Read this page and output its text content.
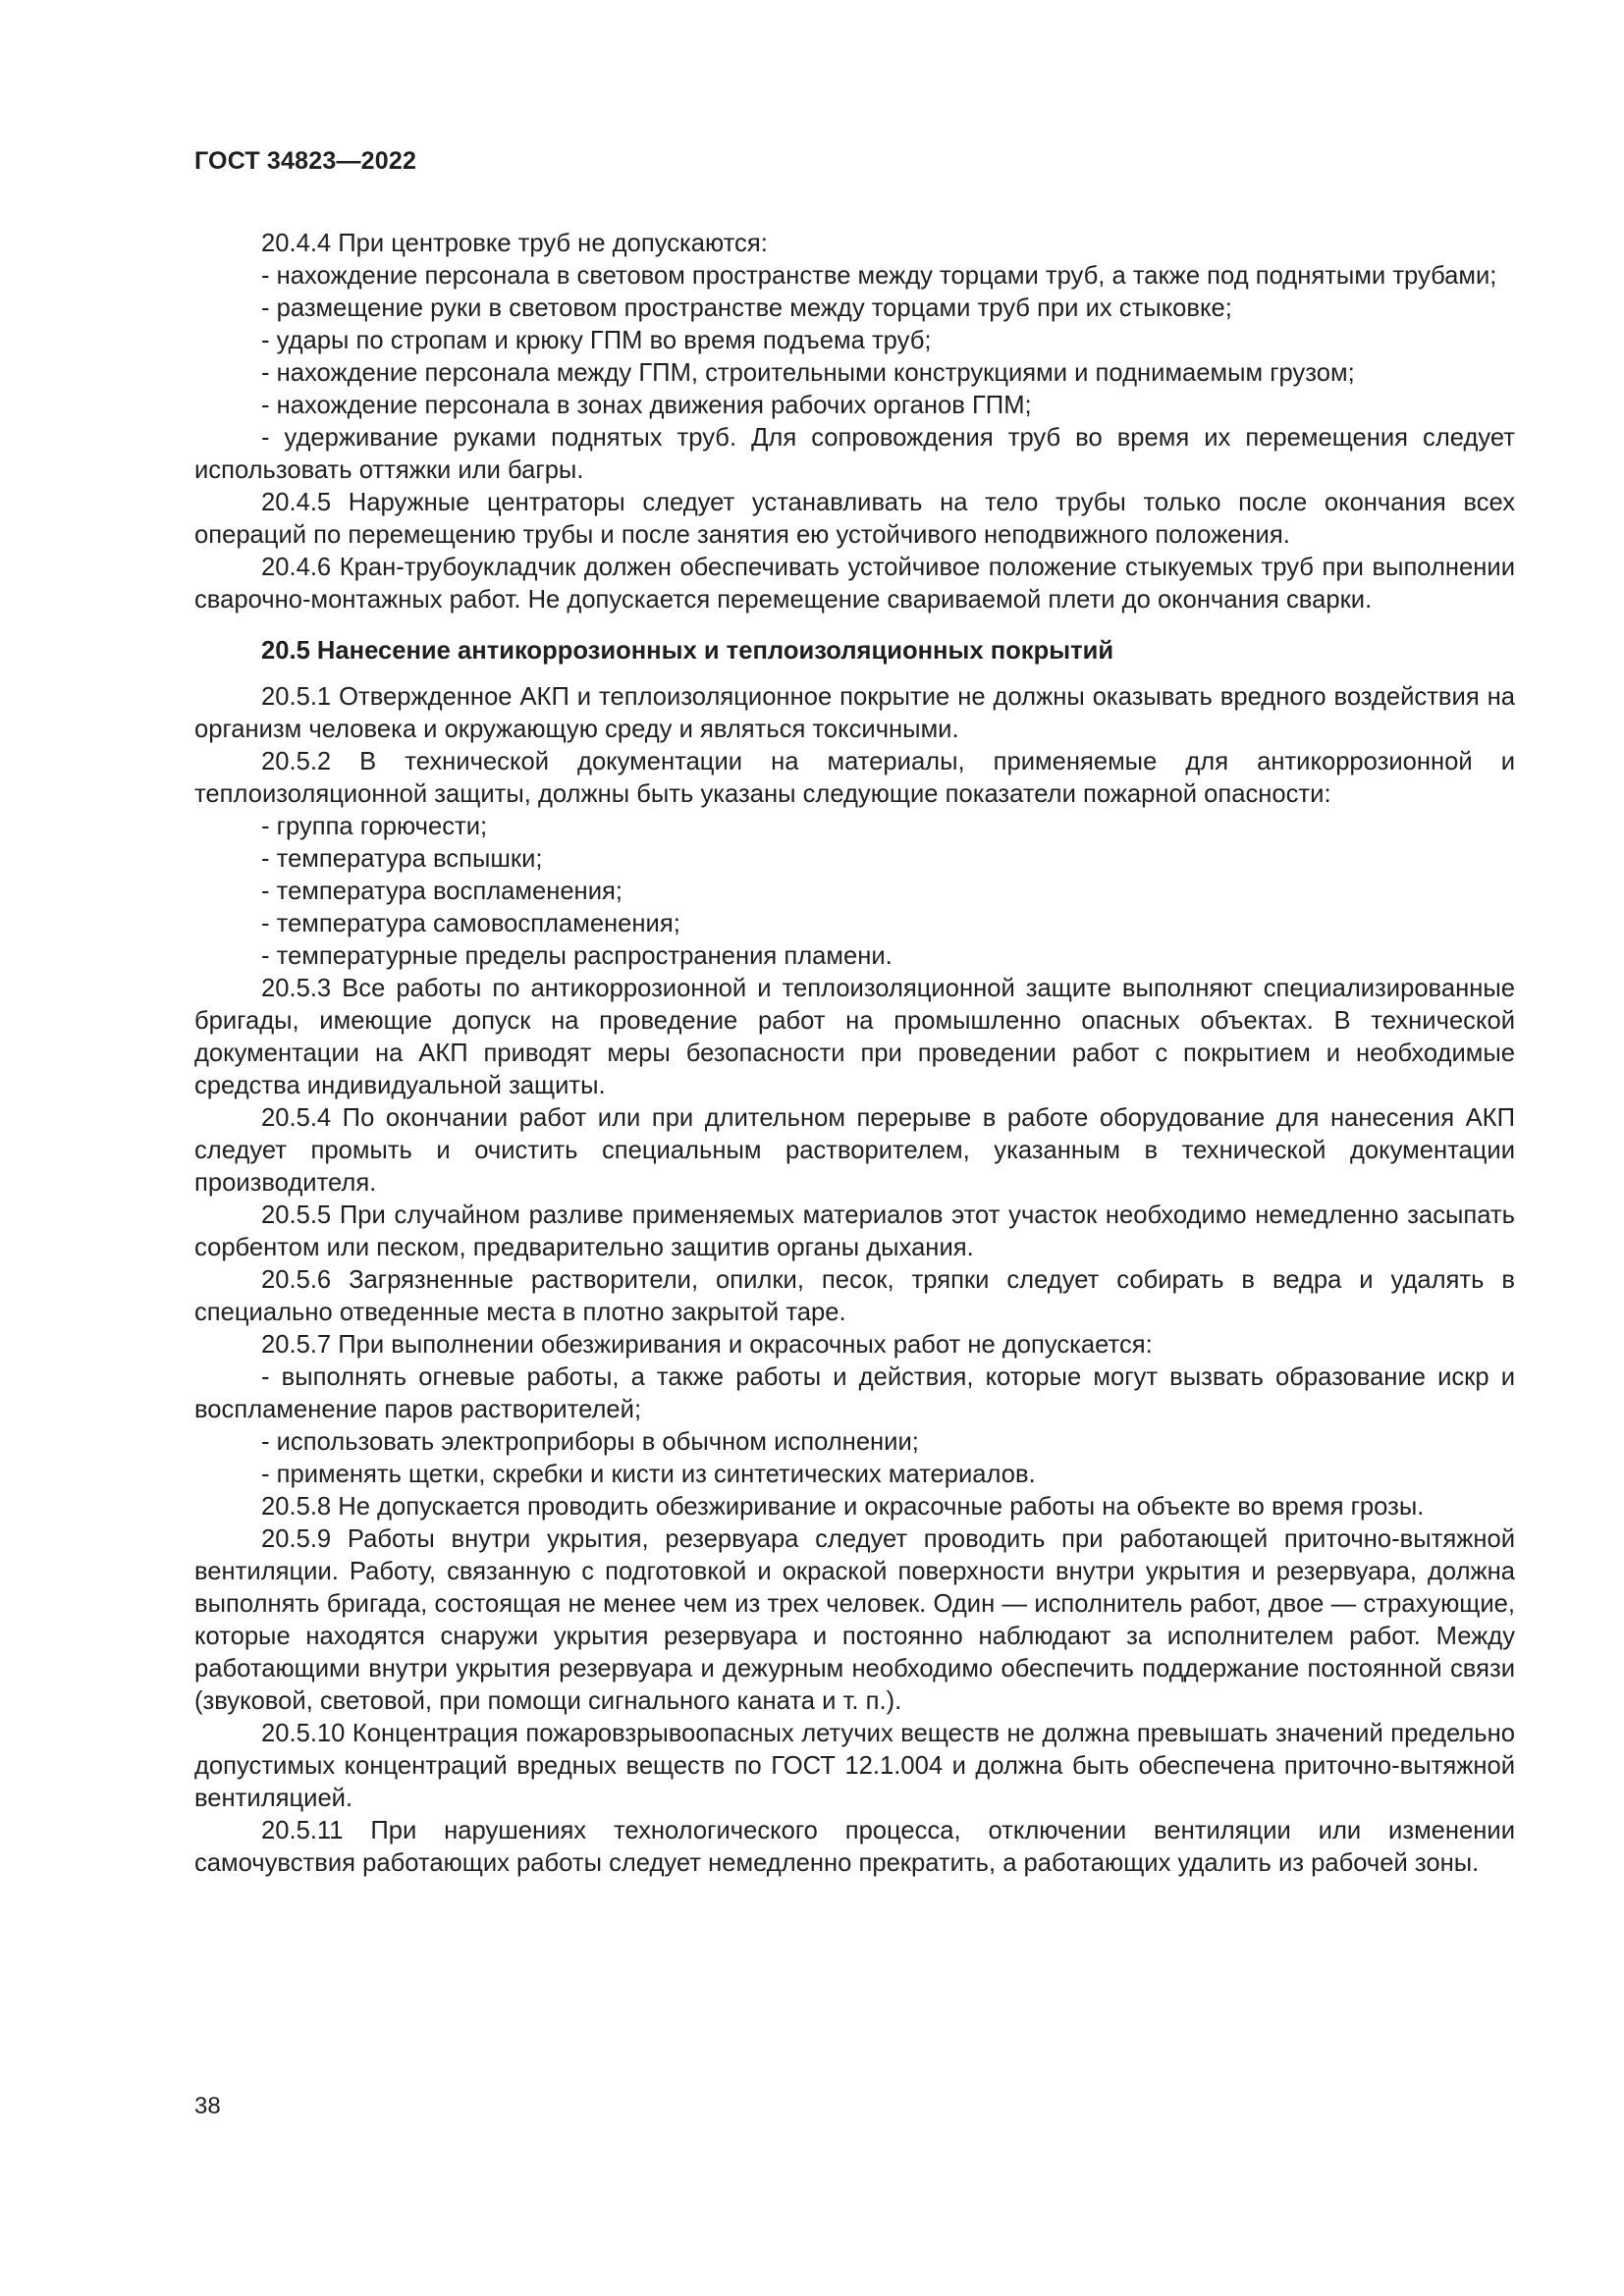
ГОСТ 34823—2022

20.4.4 При центровке труб не допускаются:

- нахождение персонала в световом пространстве между торцами труб, а также под поднятыми трубами;

- размещение руки в световом пространстве между торцами труб при их стыковке;

- удары по стропам и крюку ГПМ во время подъема труб;

- нахождение персонала между ГПМ, строительными конструкциями и поднимаемым грузом;

- нахождение персонала в зонах движения рабочих органов ГПМ;

- удерживание руками поднятых труб. Для сопровождения труб во время их перемещения следует использовать оттяжки или багры.

20.4.5 Наружные центраторы следует устанавливать на тело трубы только после окончания всех операций по перемещению трубы и после занятия ею устойчивого неподвижного положения.

20.4.6 Кран-трубоукладчик должен обеспечивать устойчивое положение стыкуемых труб при выполнении сварочно-монтажных работ. Не допускается перемещение свариваемой плети до окончания сварки.

20.5 Нанесение антикоррозионных и теплоизоляционных покрытий

20.5.1 Отвержденное АКП и теплоизоляционное покрытие не должны оказывать вредного воздействия на организм человека и окружающую среду и являться токсичными.

20.5.2 В технической документации на материалы, применяемые для антикоррозионной и теплоизоляционной защиты, должны быть указаны следующие показатели пожарной опасности:

- группа горючести;

- температура вспышки;

- температура воспламенения;

- температура самовоспламенения;

- температурные пределы распространения пламени.

20.5.3 Все работы по антикоррозионной и теплоизоляционной защите выполняют специализированные бригады, имеющие допуск на проведение работ на промышленно опасных объектах. В технической документации на АКП приводят меры безопасности при проведении работ с покрытием и необходимые средства индивидуальной защиты.

20.5.4 По окончании работ или при длительном перерыве в работе оборудование для нанесения АКП следует промыть и очистить специальным растворителем, указанным в технической документации производителя.

20.5.5 При случайном разливе применяемых материалов этот участок необходимо немедленно засыпать сорбентом или песком, предварительно защитив органы дыхания.

20.5.6 Загрязненные растворители, опилки, песок, тряпки следует собирать в ведра и удалять в специально отведенные места в плотно закрытой таре.

20.5.7 При выполнении обезжиривания и окрасочных работ не допускается:

- выполнять огневые работы, а также работы и действия, которые могут вызвать образование искр и воспламенение паров растворителей;

- использовать электроприборы в обычном исполнении;

- применять щетки, скребки и кисти из синтетических материалов.

20.5.8 Не допускается проводить обезжиривание и окрасочные работы на объекте во время грозы.

20.5.9 Работы внутри укрытия, резервуара следует проводить при работающей приточно-вытяжной вентиляции. Работу, связанную с подготовкой и окраской поверхности внутри укрытия и резервуара, должна выполнять бригада, состоящая не менее чем из трех человек. Один — исполнитель работ, двое — страхующие, которые находятся снаружи укрытия резервуара и постоянно наблюдают за исполнителем работ. Между работающими внутри укрытия резервуара и дежурным необходимо обеспечить поддержание постоянной связи (звуковой, световой, при помощи сигнального каната и т. п.).

20.5.10 Концентрация пожаровзрывоопасных летучих веществ не должна превышать значений предельно допустимых концентраций вредных веществ по ГОСТ 12.1.004 и должна быть обеспечена приточно-вытяжной вентиляцией.

20.5.11 При нарушениях технологического процесса, отключении вентиляции или изменении самочувствия работающих работы следует немедленно прекратить, а работающих удалить из рабочей зоны.

38
